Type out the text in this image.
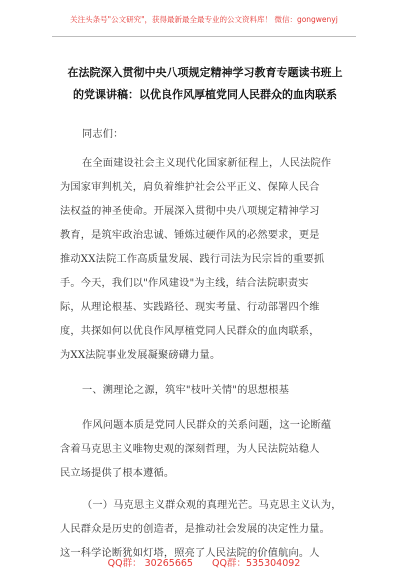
关注头条号"公文研究"，获得最新最全最专业的公文资料库！ 微信：gongwenyj
在法院深入贯彻中央八项规定精神学习教育专题读书班上
的党课讲稿：以优良作风厚植党同人民群众的血肉联系
同志们：
在全面建设社会主义现代化国家新征程上，人民法院作
为国家审判机关，肩负着维护社会公平正义、保障人民合
法权益的神圣使命。开展深入贯彻中央八项规定精神学习
教育，是筑牢政治忠诚、锤炼过硬作风的必然要求，更是
推动XX法院工作高质量发展、践行司法为民宗旨的重要抓
手。今天，我们以"作风建设"为主线，结合法院职责实
际，从理论根基、实践路径、现实考量、行动部署四个维
度，共探如何以优良作风厚植党同人民群众的血肉联系，
为XX法院事业发展凝聚磅礴力量。
一、溯理论之源，筑牢"枝叶关情"的思想根基
作风问题本质是党同人民群众的关系问题，这一论断蕴
含着马克思主义唯物史观的深刻哲理，为人民法院站稳人
民立场提供了根本遵循。
（一）马克思主义群众观的真理光芒。马克思主义认为，
人民群众是历史的创造者，是推动社会发展的决定性力量。
这一科学论断犹如灯塔，照亮了人民法院的价值航向。人
QQ群： 30265665 QQ群：535304092
